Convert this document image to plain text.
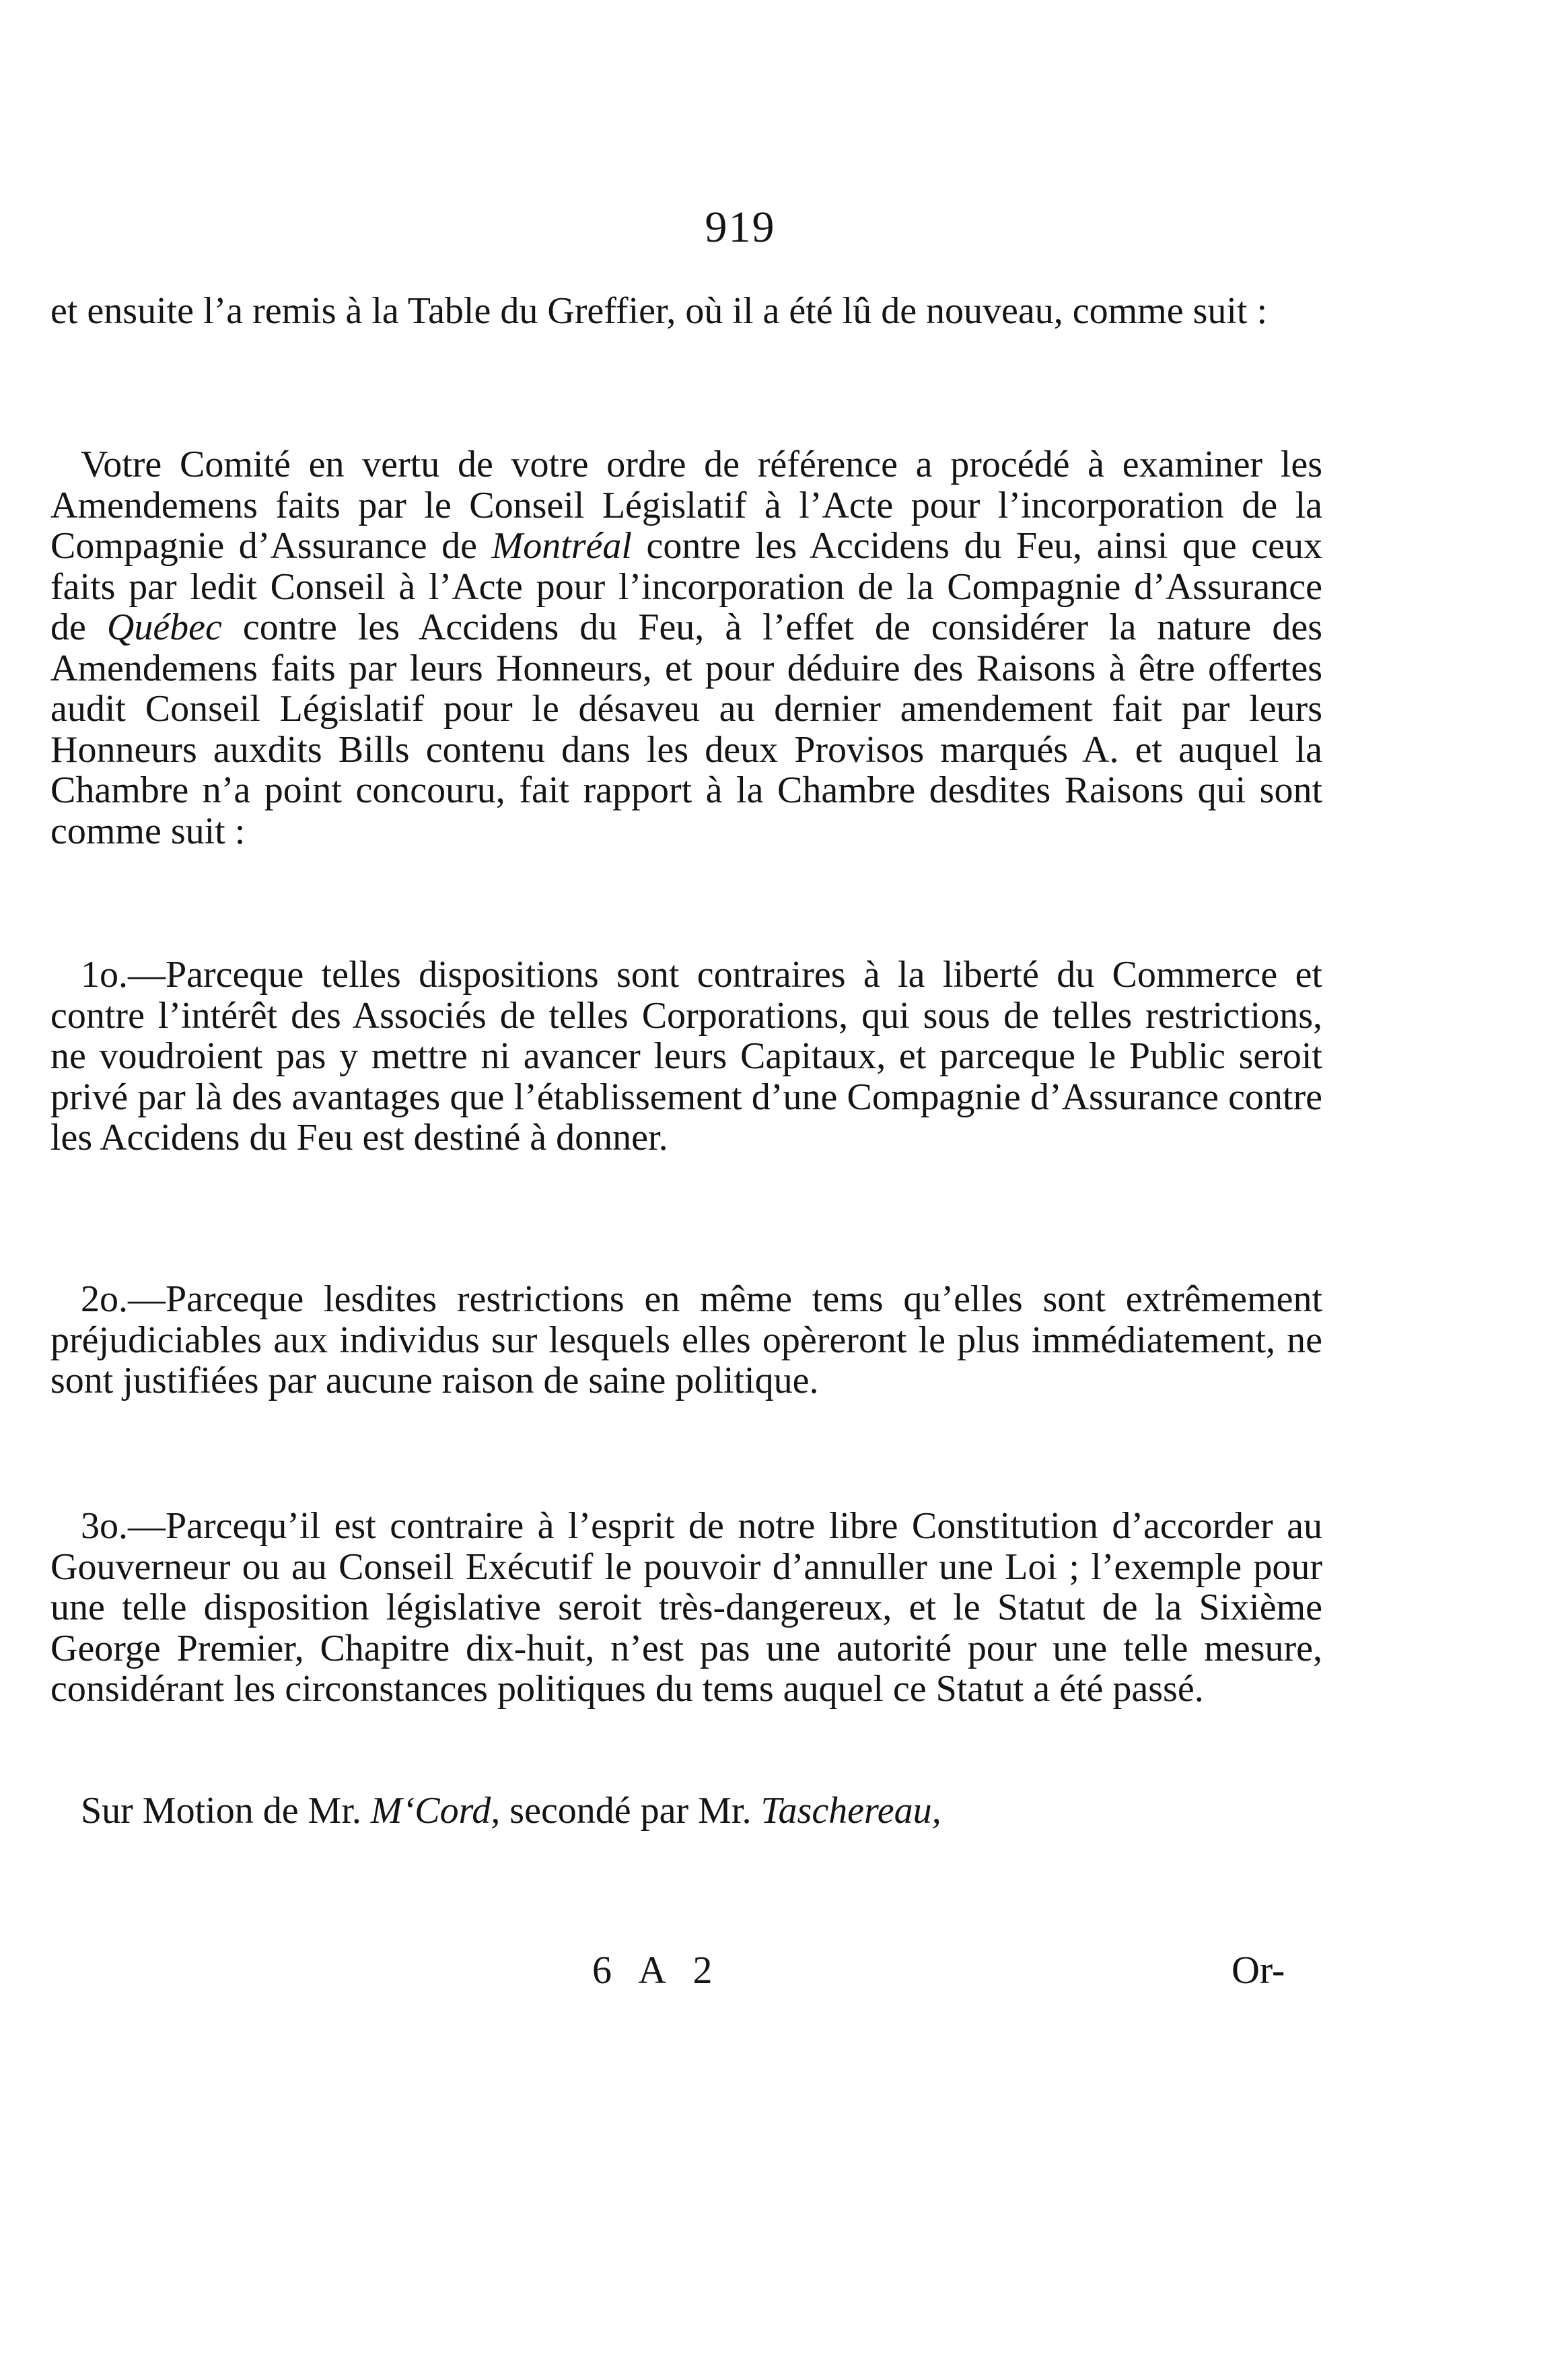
919

et ensuite l’a remis à la Table du Greffier, où il a été lû de nouveau, comme suit :

Votre Comité en vertu de votre ordre de référence a procédé à examiner les Amendemens faits par le Conseil Législatif à l’Acte pour l’incorporation de la Compagnie d’Assurance de Montréal contre les Accidens du Feu, ainsi que ceux faits par ledit Conseil à l’Acte pour l’incorporation de la Compagnie d’Assurance de Québec contre les Accidens du Feu, à l’effet de considérer la nature des Amendemens faits par leurs Honneurs, et pour déduire des Raisons à être offertes audit Conseil Législatif pour le désaveu au dernier amendement fait par leurs Honneurs auxdits Bills contenu dans les deux Provisos marqués A. et auquel la Chambre n’a point concouru, fait rapport à la Chambre desdites Raisons qui sont comme suit :

1o.—Parceque telles dispositions sont contraires à la liberté du Commerce et contre l’intérêt des Associés de telles Corporations, qui sous de telles restrictions, ne voudroient pas y mettre ni avancer leurs Capitaux, et parceque le Public seroit privé par là des avantages que l’établissement d’une Compagnie d’Assurance contre les Accidens du Feu est destiné à donner.

2o.—Parceque lesdites restrictions en même tems qu’elles sont extrêmement préjudiciables aux individus sur lesquels elles opèreront le plus immédiatement, ne sont justifiées par aucune raison de saine politique.

3o.—Parcequ’il est contraire à l’esprit de notre libre Constitution d’accorder au Gouverneur ou au Conseil Exécutif le pouvoir d’annuller une Loi ; l’exemple pour une telle disposition législative seroit très-dangereux, et le Statut de la Sixième George Premier, Chapitre dix-huit, n’est pas une autorité pour une telle mesure, considérant les circonstances politiques du tems auquel ce Statut a été passé.

Sur Motion de Mr. M‘Cord, secondé par Mr. Taschereau,

6 A 2	Or-
